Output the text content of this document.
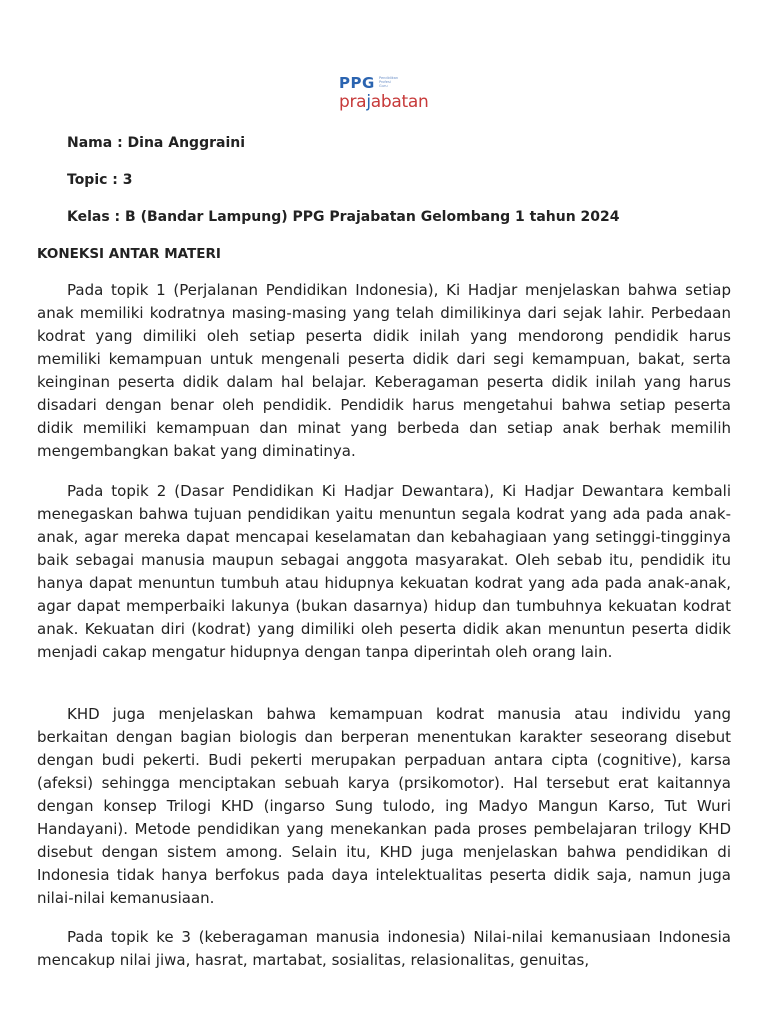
PPG Pendidikan
Profesi
Guru
prajabatan
Nama : Dina Anggraini
Topic : 3
Kelas : B (Bandar Lampung) PPG Prajabatan Gelombang 1 tahun 2024
KONEKSI ANTAR MATERI

Pada topik 1 (Perjalanan Pendidikan Indonesia), Ki Hadjar menjelaskan bahwa setiap anak memiliki kodratnya masing-masing yang telah dimilikinya dari sejak lahir. Perbedaan kodrat yang dimiliki oleh setiap peserta didik inilah yang mendorong pendidik harus memiliki kemampuan untuk mengenali peserta didik dari segi kemampuan, bakat, serta keinginan peserta didik dalam hal belajar. Keberagaman peserta didik inilah yang harus disadari dengan benar oleh pendidik. Pendidik harus mengetahui bahwa setiap peserta didik memiliki kemampuan dan minat yang berbeda dan setiap anak berhak memilih mengembangkan bakat yang diminatinya.

Pada topik 2 (Dasar Pendidikan Ki Hadjar Dewantara), Ki Hadjar Dewantara kembali menegaskan bahwa tujuan pendidikan yaitu menuntun segala kodrat yang ada pada anak-anak, agar mereka dapat mencapai keselamatan dan kebahagiaan yang setinggi-tingginya baik sebagai manusia maupun sebagai anggota masyarakat. Oleh sebab itu, pendidik itu hanya dapat menuntun tumbuh atau hidupnya kekuatan kodrat yang ada pada anak-anak, agar dapat memperbaiki lakunya (bukan dasarnya) hidup dan tumbuhnya kekuatan kodrat anak. Kekuatan diri (kodrat) yang dimiliki oleh peserta didik akan menuntun peserta didik menjadi cakap mengatur hidupnya dengan tanpa diperintah oleh orang lain.

KHD juga menjelaskan bahwa kemampuan kodrat manusia atau individu yang berkaitan dengan bagian biologis dan berperan menentukan karakter seseorang disebut dengan budi pekerti. Budi pekerti merupakan perpaduan antara cipta (cognitive), karsa (afeksi) sehingga menciptakan sebuah karya (prsikomotor). Hal tersebut erat kaitannya dengan konsep Trilogi KHD (ingarso Sung tulodo, ing Madyo Mangun Karso, Tut Wuri Handayani). Metode pendidikan yang menekankan pada proses pembelajaran trilogy KHD disebut dengan sistem among. Selain itu, KHD juga menjelaskan bahwa pendidikan di Indonesia tidak hanya berfokus pada daya intelektualitas peserta didik saja, namun juga nilai-nilai kemanusiaan.

Pada topik ke 3 (keberagaman manusia indonesia) Nilai-nilai kemanusiaan Indonesia mencakup nilai jiwa, hasrat, martabat, sosialitas, relasionalitas, genuitas,
